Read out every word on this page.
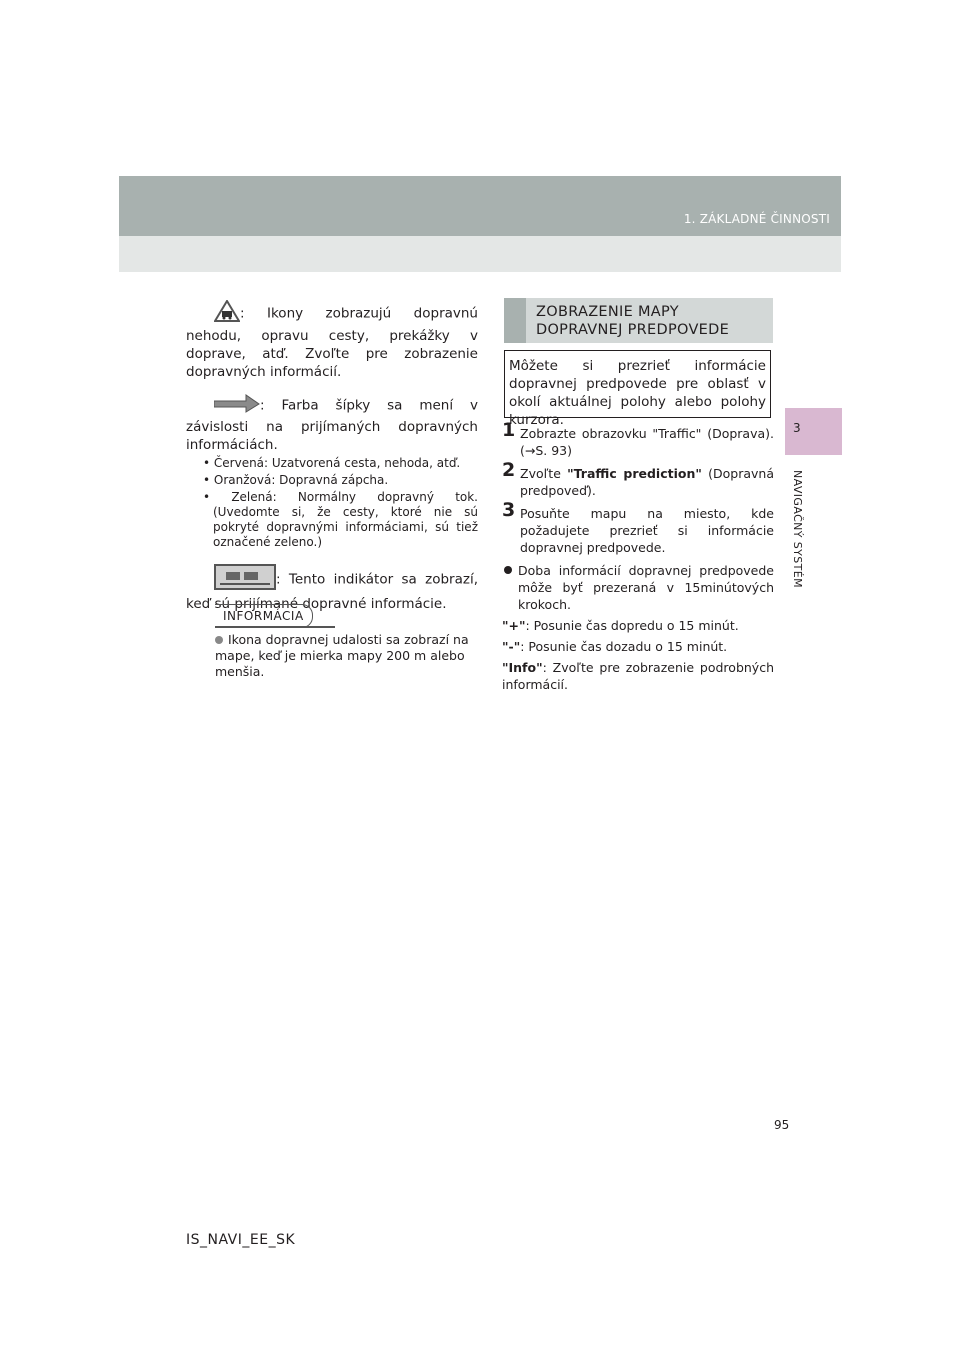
1. ZÁKLADNÉ ČINNOSTI
3
NAVIGAČNÝ SYSTÉM

: Ikony zobrazujú dopravnú nehodu, opravu cesty, prekážky v doprave, atď. Zvoľte pre zobrazenie dopravných informácií.

: Farba šípky sa mení v závislosti na prijímaných dopravných informáciách.

• Červená: Uzatvorená cesta, nehoda, atď.

• Oranžová: Dopravná zápcha.

• Zelená: Normálny dopravný tok. (Uvedomte si, že cesty, ktoré nie sú pokryté dopravnými informáciami, sú tiež označené zeleno.)

: Tento indikátor sa zobrazí, keď sú prijímané dopravné informácie.

INFORMÁCIA
Ikona dopravnej udalosti sa zobrazí na mape, keď je mierka mapy 200 m alebo menšia.
ZOBRAZENIE MAPY
DOPRAVNEJ PREDPOVEDE
Môžete si prezrieť informácie dopravnej predpovede pre oblasť v okolí aktuálnej polohy alebo polohy kurzora.
1 Zobrazte obrazovku "Traffic" (Doprava). (→S. 93)
2 Zvoľte "Traffic prediction" (Dopravná predpoveď).
3 Posuňte mapu na miesto, kde požadujete prezrieť si informácie dopravnej predpovede.
Doba informácií dopravnej predpovede môže byť prezeraná v 15minútových krokoch.
"+": Posunie čas dopredu o 15 minút.
"-": Posunie čas dozadu o 15 minút.
"Info": Zvoľte pre zobrazenie podrobných informácií.
95
IS_NAVI_EE_SK
